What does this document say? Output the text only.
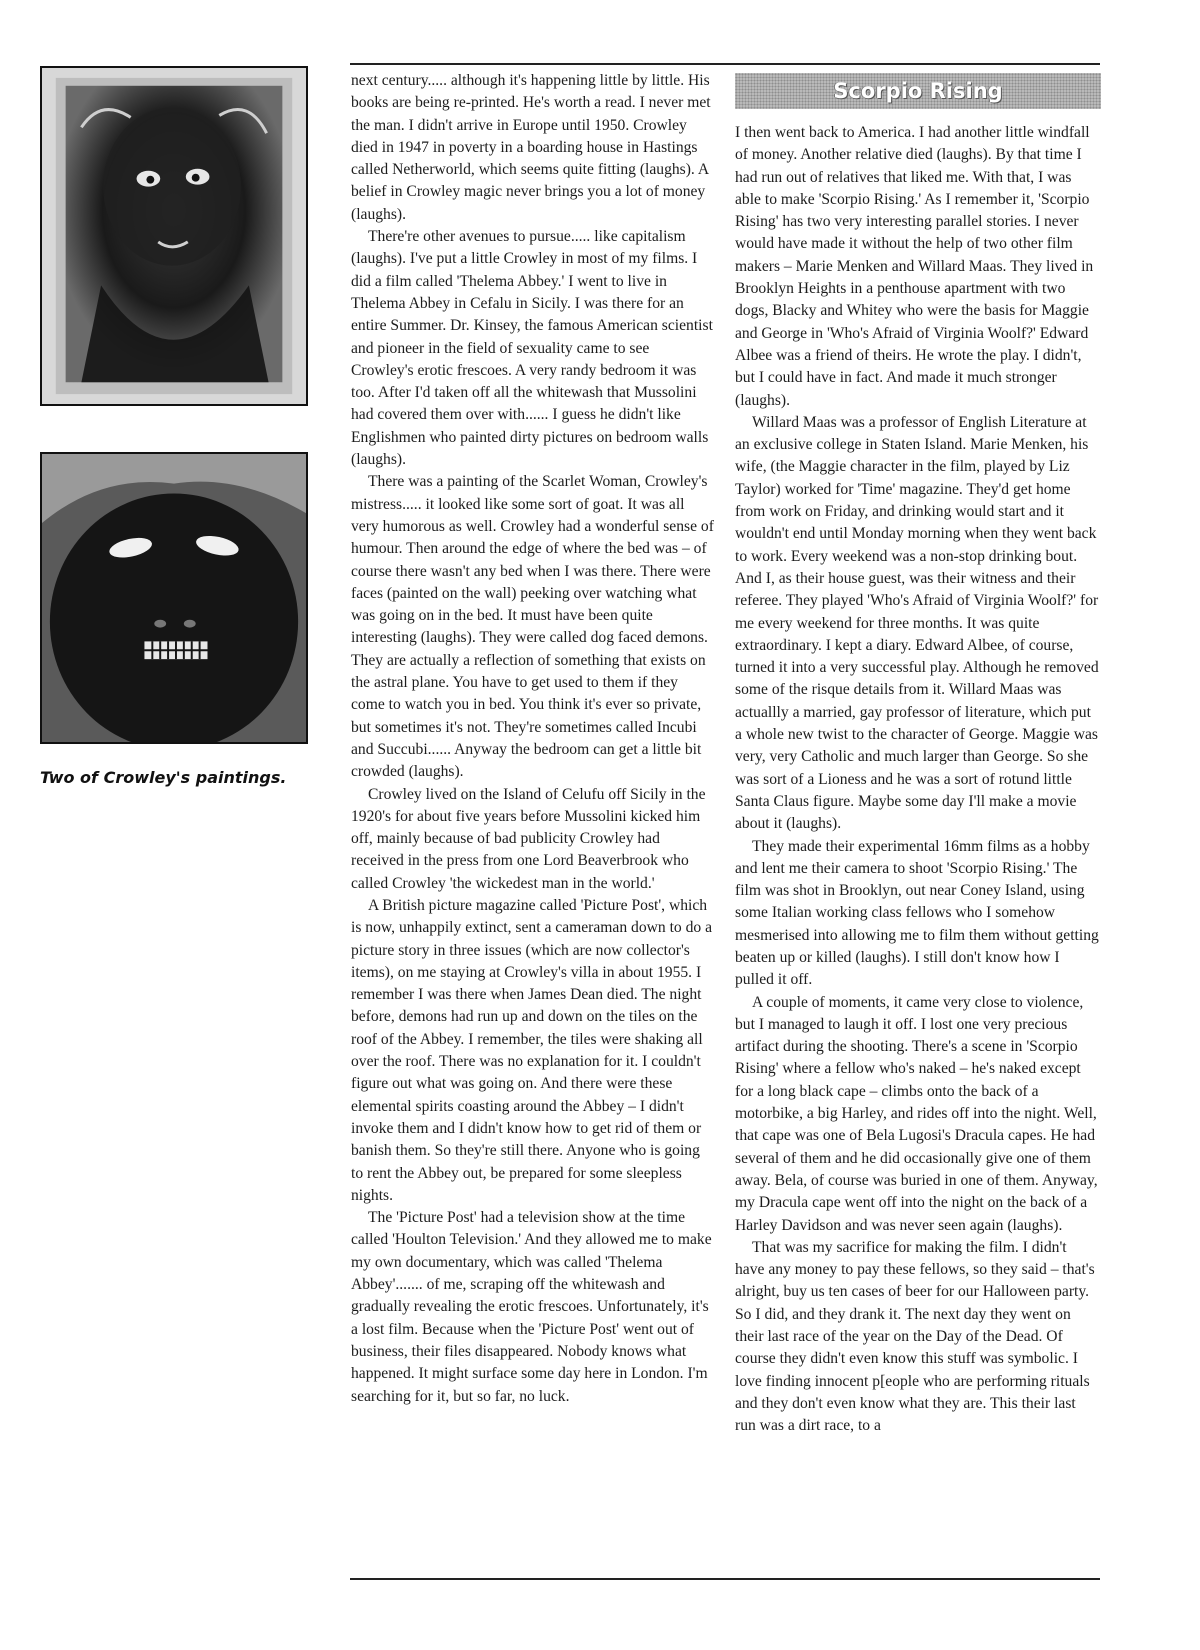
Two of Crowley's paintings.

next century..... although it's happening little by little. His books are being re-printed. He's worth a read. I never met the man. I didn't arrive in Europe until 1950. Crowley died in 1947 in poverty in a boarding house in Hastings called Netherworld, which seems quite fitting (laughs). A belief in Crowley magic never brings you a lot of money (laughs).

There're other avenues to pursue..... like capitalism (laughs). I've put a little Crowley in most of my films. I did a film called 'Thelema Abbey.' I went to live in Thelema Abbey in Cefalu in Sicily. I was there for an entire Summer. Dr. Kinsey, the famous American scientist and pioneer in the field of sexuality came to see Crowley's erotic frescoes. A very randy bedroom it was too. After I'd taken off all the whitewash that Mussolini had covered them over with...... I guess he didn't like Englishmen who painted dirty pictures on bedroom walls (laughs).

There was a painting of the Scarlet Woman, Crowley's mistress..... it looked like some sort of goat. It was all very humorous as well. Crowley had a wonderful sense of humour. Then around the edge of where the bed was – of course there wasn't any bed when I was there. There were faces (painted on the wall) peeking over watching what was going on in the bed. It must have been quite interesting (laughs). They were called dog faced demons. They are actually a reflection of something that exists on the astral plane. You have to get used to them if they come to watch you in bed. You think it's ever so private, but sometimes it's not. They're sometimes called Incubi and Succubi...... Anyway the bedroom can get a little bit crowded (laughs).

Crowley lived on the Island of Celufu off Sicily in the 1920's for about five years before Mussolini kicked him off, mainly because of bad publicity Crowley had received in the press from one Lord Beaverbrook who called Crowley 'the wickedest man in the world.'

A British picture magazine called 'Picture Post', which is now, unhappily extinct, sent a cameraman down to do a picture story in three issues (which are now collector's items), on me staying at Crowley's villa in about 1955. I remember I was there when James Dean died. The night before, demons had run up and down on the tiles on the roof of the Abbey. I remember, the tiles were shaking all over the roof. There was no explanation for it. I couldn't figure out what was going on. And there were these elemental spirits coasting around the Abbey – I didn't invoke them and I didn't know how to get rid of them or banish them. So they're still there. Anyone who is going to rent the Abbey out, be prepared for some sleepless nights.

The 'Picture Post' had a television show at the time called 'Houlton Television.' And they allowed me to make my own documentary, which was called 'Thelema Abbey'....... of me, scraping off the whitewash and gradually revealing the erotic frescoes. Unfortunately, it's a lost film. Because when the 'Picture Post' went out of business, their files disappeared. Nobody knows what happened. It might surface some day here in London. I'm searching for it, but so far, no luck.

Scorpio Rising

I then went back to America. I had another little windfall of money. Another relative died (laughs). By that time I had run out of relatives that liked me. With that, I was able to make 'Scorpio Rising.' As I remember it, 'Scorpio Rising' has two very interesting parallel stories. I never would have made it without the help of two other film makers – Marie Menken and Willard Maas. They lived in Brooklyn Heights in a penthouse apartment with two dogs, Blacky and Whitey who were the basis for Maggie and George in 'Who's Afraid of Virginia Woolf?' Edward Albee was a friend of theirs. He wrote the play. I didn't, but I could have in fact. And made it much stronger (laughs).

Willard Maas was a professor of English Literature at an exclusive college in Staten Island. Marie Menken, his wife, (the Maggie character in the film, played by Liz Taylor) worked for 'Time' magazine. They'd get home from work on Friday, and drinking would start and it wouldn't end until Monday morning when they went back to work. Every weekend was a non-stop drinking bout. And I, as their house guest, was their witness and their referee. They played 'Who's Afraid of Virginia Woolf?' for me every weekend for three months. It was quite extraordinary. I kept a diary. Edward Albee, of course, turned it into a very successful play. Although he removed some of the risque details from it. Willard Maas was actuallly a married, gay professor of literature, which put a whole new twist to the character of George. Maggie was very, very Catholic and much larger than George. So she was sort of a Lioness and he was a sort of rotund little Santa Claus figure. Maybe some day I'll make a movie about it (laughs).

They made their experimental 16mm films as a hobby and lent me their camera to shoot 'Scorpio Rising.' The film was shot in Brooklyn, out near Coney Island, using some Italian working class fellows who I somehow mesmerised into allowing me to film them without getting beaten up or killed (laughs). I still don't know how I pulled it off.

A couple of moments, it came very close to violence, but I managed to laugh it off. I lost one very precious artifact during the shooting. There's a scene in 'Scorpio Rising' where a fellow who's naked – he's naked except for a long black cape – climbs onto the back of a motorbike, a big Harley, and rides off into the night. Well, that cape was one of Bela Lugosi's Dracula capes. He had several of them and he did occasionally give one of them away. Bela, of course was buried in one of them. Anyway, my Dracula cape went off into the night on the back of a Harley Davidson and was never seen again (laughs).

That was my sacrifice for making the film. I didn't have any money to pay these fellows, so they said – that's alright, buy us ten cases of beer for our Halloween party. So I did, and they drank it. The next day they went on their last race of the year on the Day of the Dead. Of course they didn't even know this stuff was symbolic. I love finding innocent p[eople who are performing rituals and they don't even know what they are. This their last run was a dirt race, to a
